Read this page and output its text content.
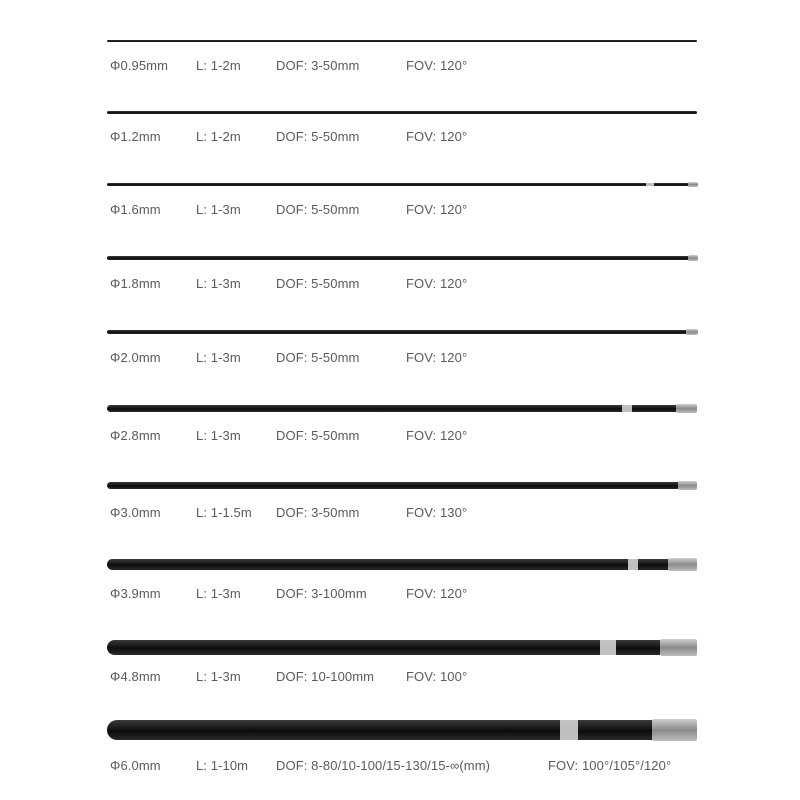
Φ0.95mm L: 1-2m	DOF: 3-50mm	FOV: 120°
Φ1.2mm	L: 1-2m	DOF: 5-50mm	FOV: 120°
Φ1.6mm	L: 1-3m	DOF: 5-50mm	FOV: 120°
Φ1.8mm	L: 1-3m	DOF: 5-50mm	FOV: 120°
Φ2.0mm	L: 1-3m	DOF: 5-50mm	FOV: 120°
Φ2.8mm	L: 1-3m	DOF: 5-50mm	FOV: 120°
Φ3.0mm	L: 1-1.5m DOF: 3-50mm	FOV: 130°
Φ3.9mm	L: 1-3m	DOF: 3-100mm	FOV: 120°
Φ4.8mm	L: 1-3m	DOF: 10-100mm FOV: 100°
Φ6.0mm	L: 1-10m DOF: 8-80/10-100/15-130/15-∞(mm)	FOV: 100°/105°/120°
